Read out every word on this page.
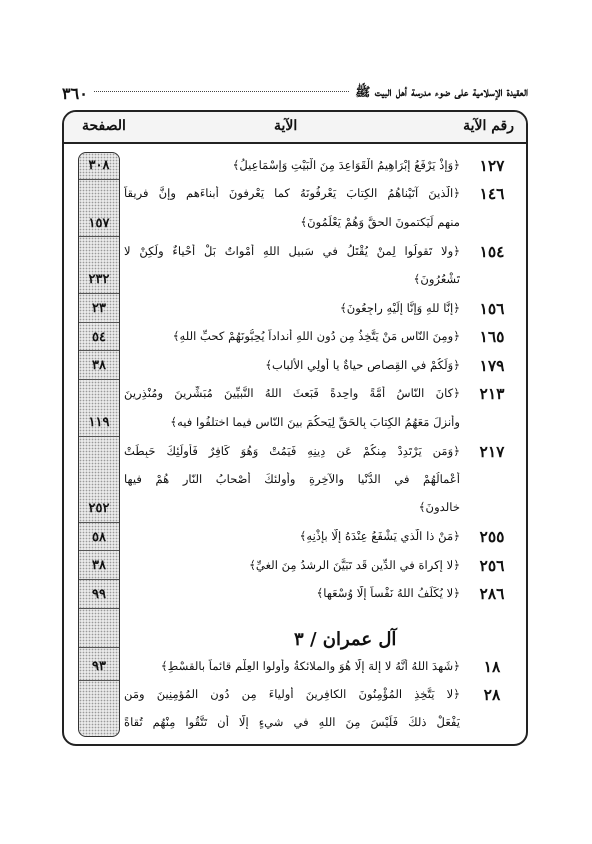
٣٦٠	العقيدة الإسلامية على ضوء مدرسة أهل البيت ﷺ
رقم الآية
الآية
الصفحة
١٢٧
﴿وَإِذْ يَرْفَعُ إِبْرَاهِيمُ الْقَوَاعِدَ مِنَ الْبَيْتِ وَإِسْمَاعِيلُ﴾
٣٠٨
١٤٦
﴿الَّذينَ آتَيْناهُمُ الكِتابَ يَعْرِفُونَهُ كما يَعْرِفونَ أبناءَهم وإنَّ فريقاً
منهم لَيَكتمونَ الحقَّ وَهُمْ يَعْلَمُونَ﴾
١٥٧
١٥٤
﴿ولا تَقولُوا لِمنْ يُقْتَلُ في سَبيلِ اللهِ أمْواتٌ بَلْ أحْياءٌ ولَكِنْ لا
تَشْعُرُونَ﴾
٢٣٢
١٥٦
﴿إنَّا للهِ وَإِنَّا إِلَيْهِ راجِعُونَ﴾
٢٣
١٦٥
﴿ومِنَ النّاسِ مَنْ يَتَّخِذُ مِن دُونِ اللهِ أنداداً يُحِبُّونَهُمْ كحبِّ اللهِ﴾
٥٤
١٧٩
﴿وَلَكُمْ في القِصاصِ حياةٌ يا أُولِي الألبابِ﴾
٣٨
٢١٣
﴿كانَ النّاسُ أُمَّةً واحِدةً فَبَعثَ اللهُ النَّبيِّينَ مُبَشِّرينَ ومُنْذِرينَ
وأنزلَ مَعَهُمُ الكِتابَ بِالحَقِّ لِيَحكُمَ بينَ النّاسِ فيما اختلفُوا فيه﴾
١١٩
٢١٧
﴿وَمَن يَرْتَدِدْ مِنكُمْ عَن دِينِهِ فَيَمُتْ وَهُوَ كَافِرٌ فَأُولَئِكَ حَبِطَتْ
أعْمالُهُمْ في الدُّنْيا والآخِرةِ وأُولئكَ أصْحابُ النّارِ هُمْ فيها
خالدونَ﴾
٢٥٢
٢٥٥
﴿مَنْ ذا الّذي يَشْفَعُ عِنْدَهُ إلّا بإِذْنِهِ﴾
٥٨
٢٥٦
﴿لا إكراهَ في الدِّينِ قَد تَبَيَّنَ الرشدُ مِنَ الغيِّ﴾
٣٨
٢٨٦
﴿لا يُكَلِّفُ اللهُ نَفْساً إلّا وُسْعَها﴾
٩٩
آل عمران / ٣
١٨
﴿شَهِدَ اللهُ أنَّهُ لا إلهَ إلّا هُوَ والملائكةُ وأُولوا العِلْمِ قائماً بالقسْطِ﴾
٩٣
٢٨
﴿لا يَتَّخِذِ المُؤْمِنُونَ الكافِرينَ أولياءَ مِن دُونِ المُؤمِنِينَ ومَن
يَفْعَلْ ذلكَ فَلَيْسَ مِنَ اللهِ في شيءٍ إلّا أن تَتَّقُوا مِنْهُم تُقاةً
